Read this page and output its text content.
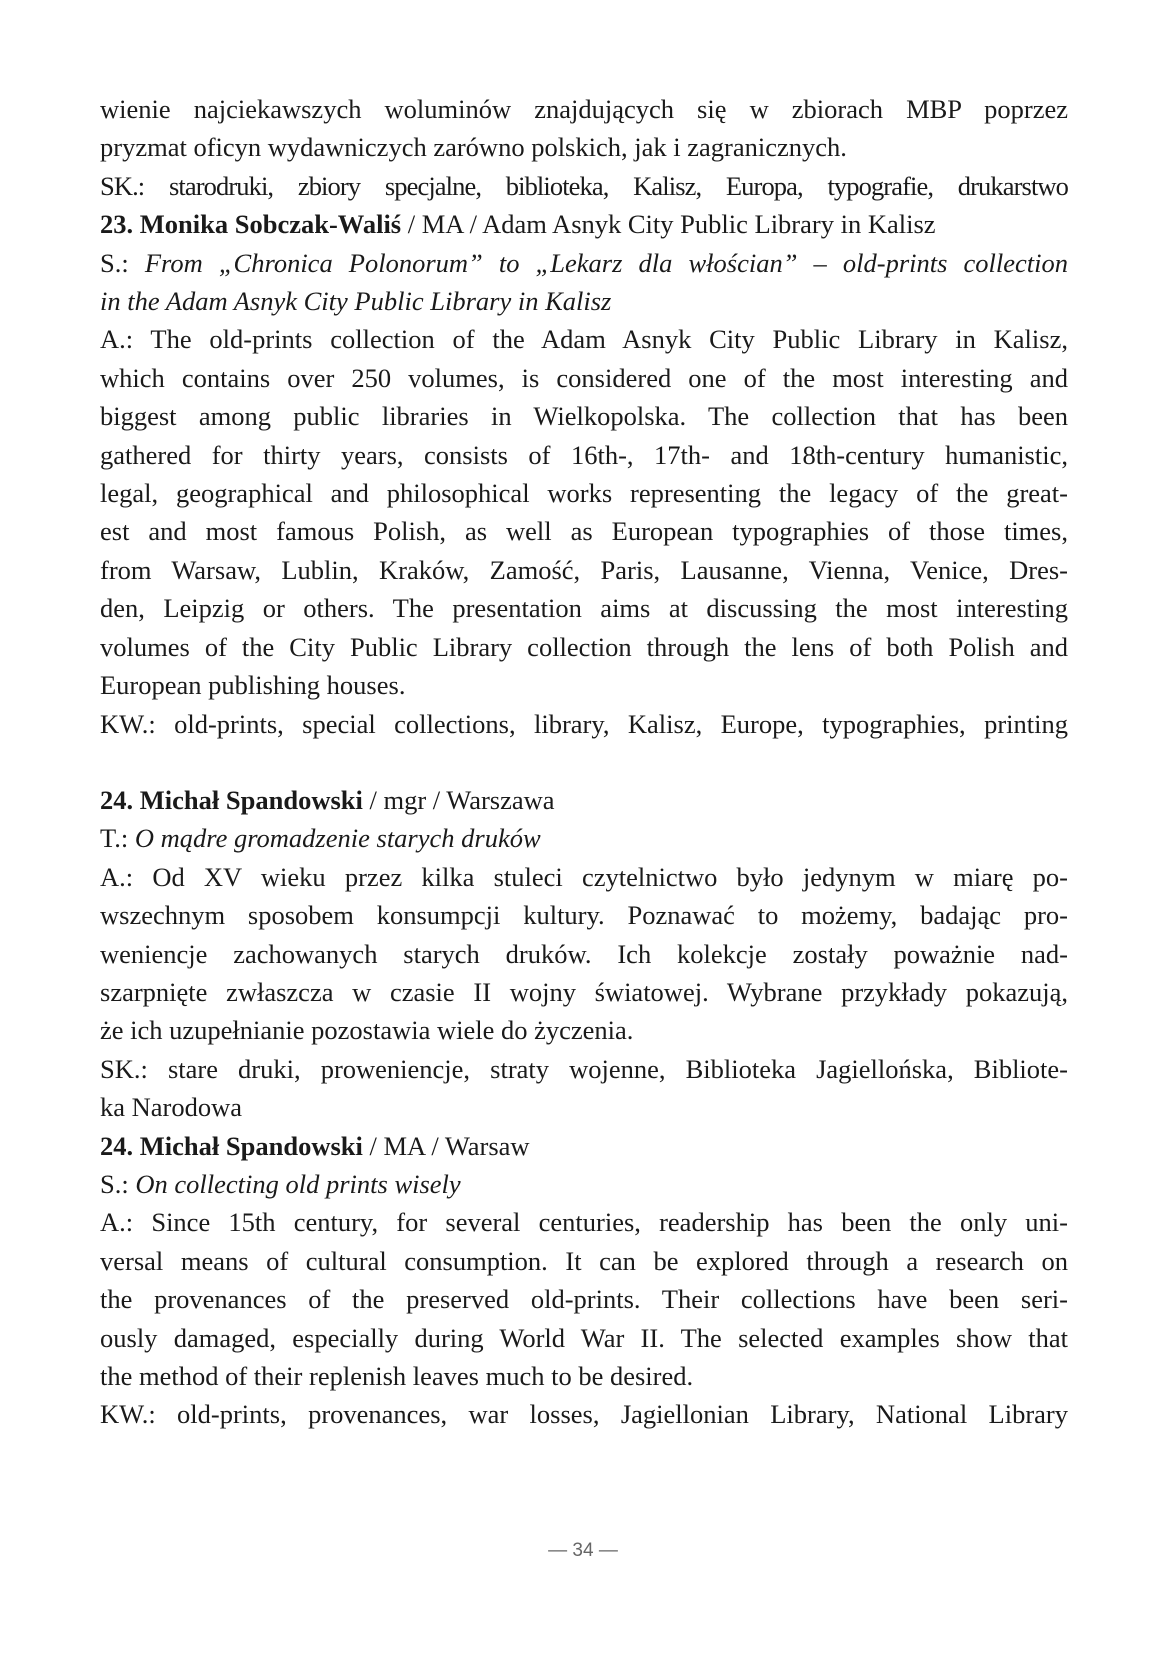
wienie najciekawszych woluminów znajdujących się w zbiorach MBP poprzez
pryzmat oficyn wydawniczych zarówno polskich, jak i zagranicznych.
SK.: starodruki, zbiory specjalne, biblioteka, Kalisz, Europa, typografie, drukarstwo
23. Monika Sobczak-Waliś / MA / Adam Asnyk City Public Library in Kalisz
S.: From „Chronica Polonorum” to „Lekarz dla włościan” – old-prints collection
in the Adam Asnyk City Public Library in Kalisz
A.: The old-prints collection of the Adam Asnyk City Public Library in Kalisz,
which contains over 250 volumes, is considered one of the most interesting and
biggest among public libraries in Wielkopolska. The collection that has been
gathered for thirty years, consists of 16th-, 17th- and 18th-century humanistic,
legal, geographical and philosophical works representing the legacy of the great-
est and most famous Polish, as well as European typographies of those times,
from Warsaw, Lublin, Kraków, Zamość, Paris, Lausanne, Vienna, Venice, Dres-
den, Leipzig or others. The presentation aims at discussing the most interesting
volumes of the City Public Library collection through the lens of both Polish and
European publishing houses.
KW.: old-prints, special collections, library, Kalisz, Europe, typographies, printing
24. Michał Spandowski / mgr / Warszawa
T.: O mądre gromadzenie starych druków
A.: Od XV wieku przez kilka stuleci czytelnictwo było jedynym w miarę po-
wszechnym sposobem konsumpcji kultury. Poznawać to możemy, badając pro-
weniencje zachowanych starych druków. Ich kolekcje zostały poważnie nad-
szarpnięte zwłaszcza w czasie II wojny światowej. Wybrane przykłady pokazują,
że ich uzupełnianie pozostawia wiele do życzenia.
SK.: stare druki, proweniencje, straty wojenne, Biblioteka Jagiellońska, Bibliote-
ka Narodowa
24. Michał Spandowski / MA / Warsaw
S.: On collecting old prints wisely
A.: Since 15th century, for several centuries, readership has been the only uni-
versal means of cultural consumption. It can be explored through a research on
the provenances of the preserved old-prints. Their collections have been seri-
ously damaged, especially during World War II. The selected examples show that
the method of their replenish leaves much to be desired.
KW.: old-prints, provenances, war losses, Jagiellonian Library, National Library
— 34 —
